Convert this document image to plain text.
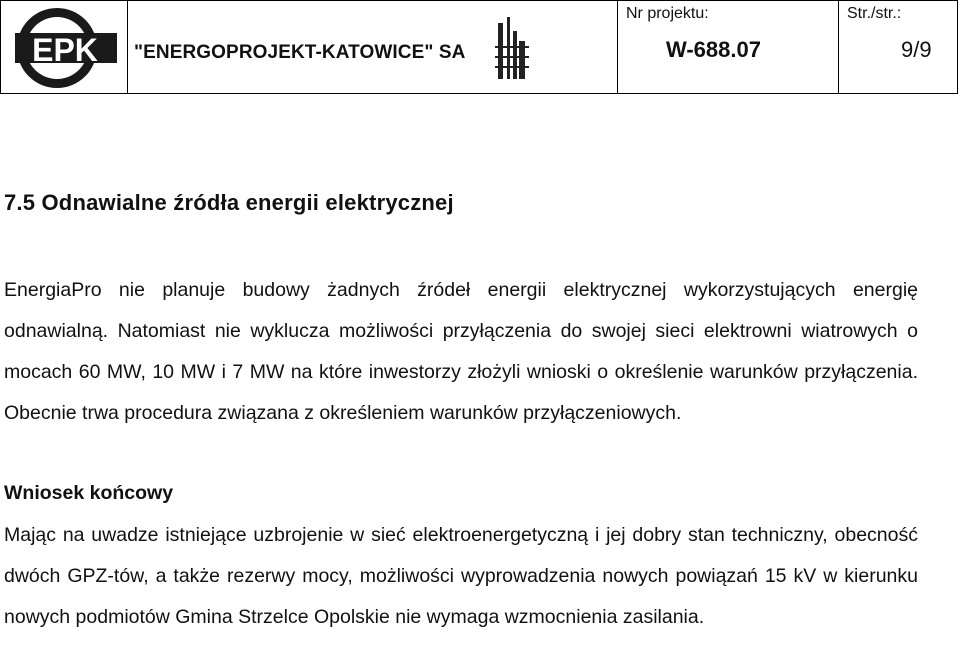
EPK "ENERGOPROJEKT-KATOWICE" SA
Nr projektu:
W-688.07
Str./str.:
9/9
7.5 Odnawialne źródła energii elektrycznej
EnergiaPro nie planuje budowy żadnych źródeł energii elektrycznej wykorzystujących energię odnawialną. Natomiast nie wyklucza możliwości przyłączenia do swojej sieci elektrowni wiatrowych o mocach 60 MW, 10 MW i 7 MW na które inwestorzy złożyli wnioski o określenie warunków przyłączenia. Obecnie trwa procedura związana z określeniem warunków przyłączeniowych.
Wniosek końcowy
Mając na uwadze istniejące uzbrojenie w sieć elektroenergetyczną i jej dobry stan techniczny, obecność dwóch GPZ-tów, a także rezerwy mocy, możliwości wyprowadzenia nowych powiązań 15 kV w kierunku nowych podmiotów Gmina Strzelce Opolskie nie wymaga wzmocnienia zasilania.
